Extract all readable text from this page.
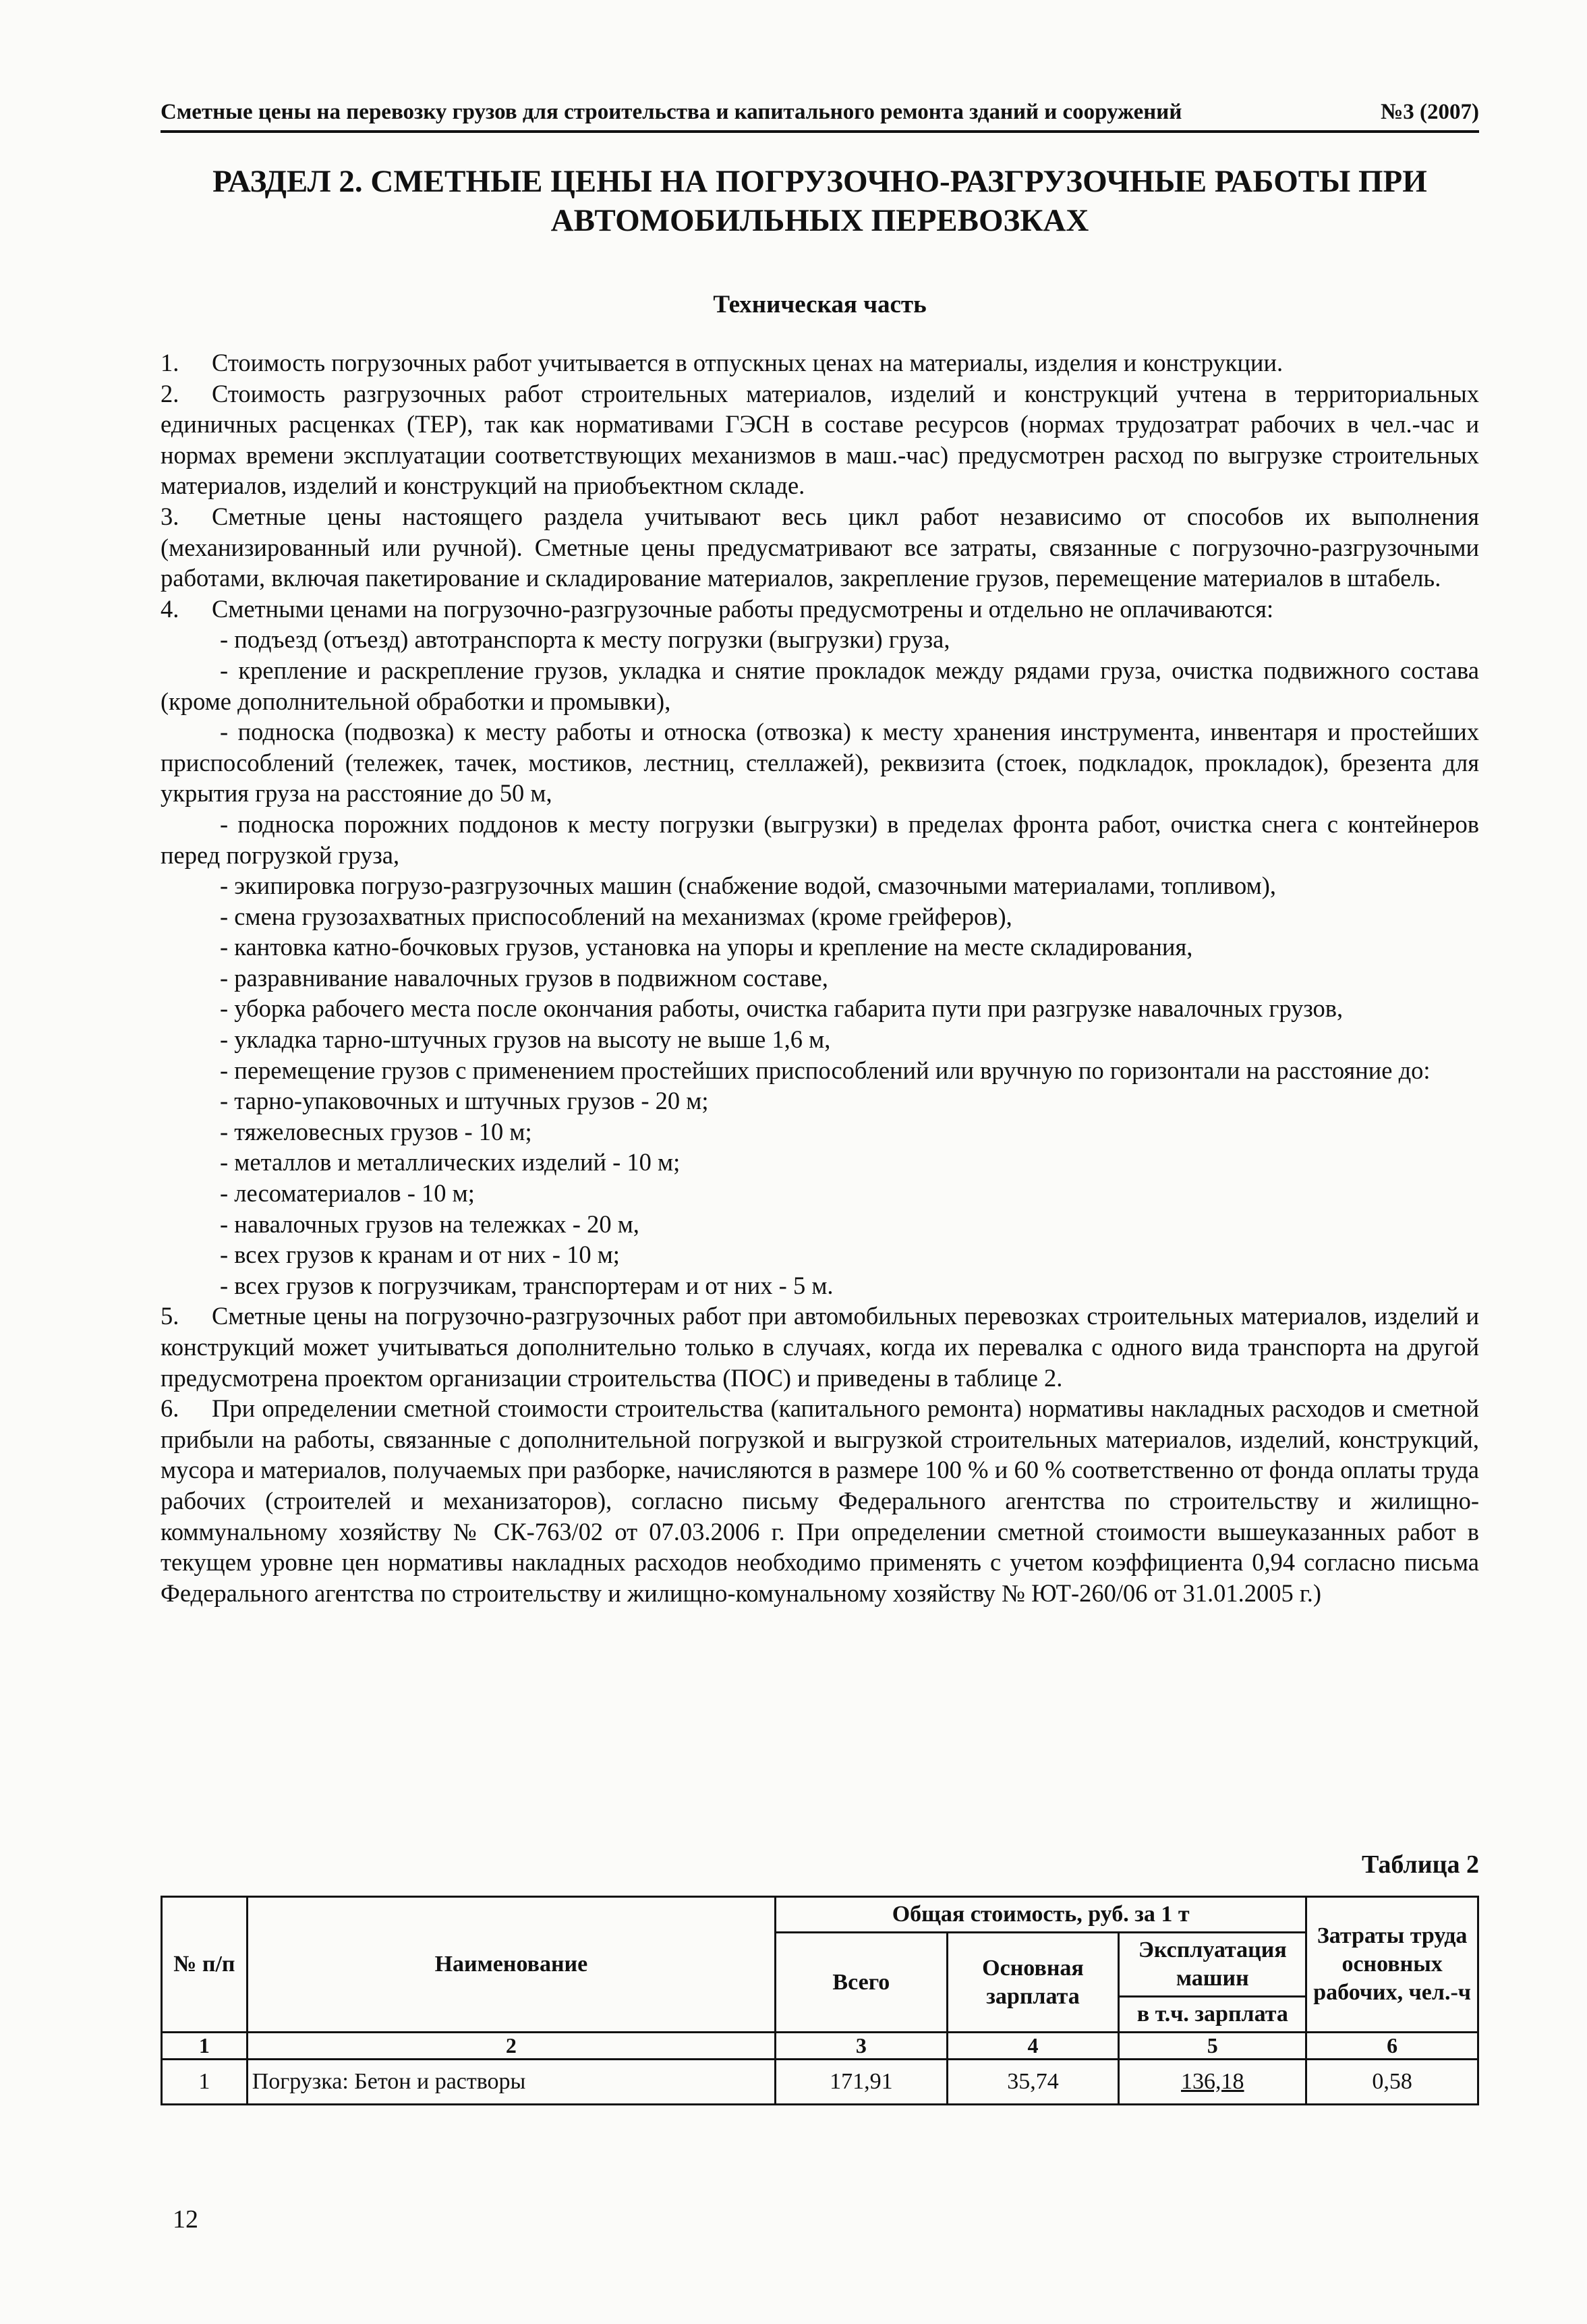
Сметные цены на перевозку грузов для строительства и капитального ремонта зданий и сооружений	№3 (2007)
РАЗДЕЛ 2. СМЕТНЫЕ ЦЕНЫ НА ПОГРУЗОЧНО-РАЗГРУЗОЧНЫЕ РАБОТЫ ПРИ АВТОМОБИЛЬНЫХ ПЕРЕВОЗКАХ
Техническая часть

1. Стоимость погрузочных работ учитывается в отпускных ценах на материалы, изделия и конструкции.

2. Стоимость разгрузочных работ строительных материалов, изделий и конструкций учтена в территориальных единичных расценках (ТЕР), так как нормативами ГЭСН в составе ресурсов (нормах трудозатрат рабочих в чел.-час и нормах времени эксплуатации соответствующих механизмов в маш.-час) предусмотрен расход по выгрузке строительных материалов, изделий и конструкций на приобъектном складе.

3. Сметные цены настоящего раздела учитывают весь цикл работ независимо от способов их выполнения (механизированный или ручной). Сметные цены предусматривают все затраты, связанные с погрузочно-разгрузочными работами, включая пакетирование и складирование материалов, закрепление грузов, перемещение материалов в штабель.

4. Сметными ценами на погрузочно-разгрузочные работы предусмотрены и отдельно не оплачиваются:

- подъезд (отъезд) автотранспорта к месту погрузки (выгрузки) груза,

- крепление и раскрепление грузов, укладка и снятие прокладок между рядами груза, очистка подвижного состава (кроме дополнительной обработки и промывки),

- подноска (подвозка) к месту работы и относка (отвозка) к месту хранения инструмента, инвентаря и простейших приспособлений (тележек, тачек, мостиков, лестниц, стеллажей), реквизита (стоек, подкладок, прокладок), брезента для укрытия груза на расстояние до 50 м,

- подноска порожних поддонов к месту погрузки (выгрузки) в пределах фронта работ, очистка снега с контейнеров перед погрузкой груза,

- экипировка погрузо-разгрузочных машин (снабжение водой, смазочными материалами, топливом),

- смена грузозахватных приспособлений на механизмах (кроме грейферов),

- кантовка катно-бочковых грузов, установка на упоры и крепление на месте складирования,

- разравнивание навалочных грузов в подвижном составе,

- уборка рабочего места после окончания работы, очистка габарита пути при разгрузке навалочных грузов,

- укладка тарно-штучных грузов на высоту не выше 1,6 м,

- перемещение грузов с применением простейших приспособлений или вручную по горизонтали на расстояние до:

- тарно-упаковочных и штучных грузов - 20 м;

- тяжеловесных грузов - 10 м;

- металлов и металлических изделий - 10 м;

- лесоматериалов - 10 м;

- навалочных грузов на тележках - 20 м,

- всех грузов к кранам и от них - 10 м;

- всех грузов к погрузчикам, транспортерам и от них - 5 м.

5. Сметные цены на погрузочно-разгрузочных работ при автомобильных перевозках строительных материалов, изделий и конструкций может учитываться дополнительно только в случаях, когда их перевалка с одного вида транспорта на другой предусмотрена проектом организации строительства (ПОС) и приведены в таблице 2.

6. При определении сметной стоимости строительства (капитального ремонта) нормативы накладных расходов и сметной прибыли на работы, связанные с дополнительной погрузкой и выгрузкой строительных материалов, изделий, конструкций, мусора и материалов, получаемых при разборке, начисляются в размере 100 % и 60 % соответственно от фонда оплаты труда рабочих (строителей и механизаторов), согласно письму Федерального агентства по строительству и жилищно-коммунальному хозяйству № СК-763/02 от 07.03.2006 г. При определении сметной стоимости вышеуказанных работ в текущем уровне цен нормативы накладных расходов необходимо применять с учетом коэффициента 0,94 согласно письма Федерального агентства по строительству и жилищно-комунальному хозяйству № ЮТ-260/06 от 31.01.2005 г.)

Таблица 2
№ п/п	Наименование	Общая стоимость, руб. за 1 т			Затраты труда основных рабочих, чел.-ч
		Всего	Основная зарплата	Эксплуатация машин	
				в т.ч. зарплата	
1	2	3	4	5	6
1	Погрузка: Бетон и растворы	171,91	35,74	136,18	0,58
12
